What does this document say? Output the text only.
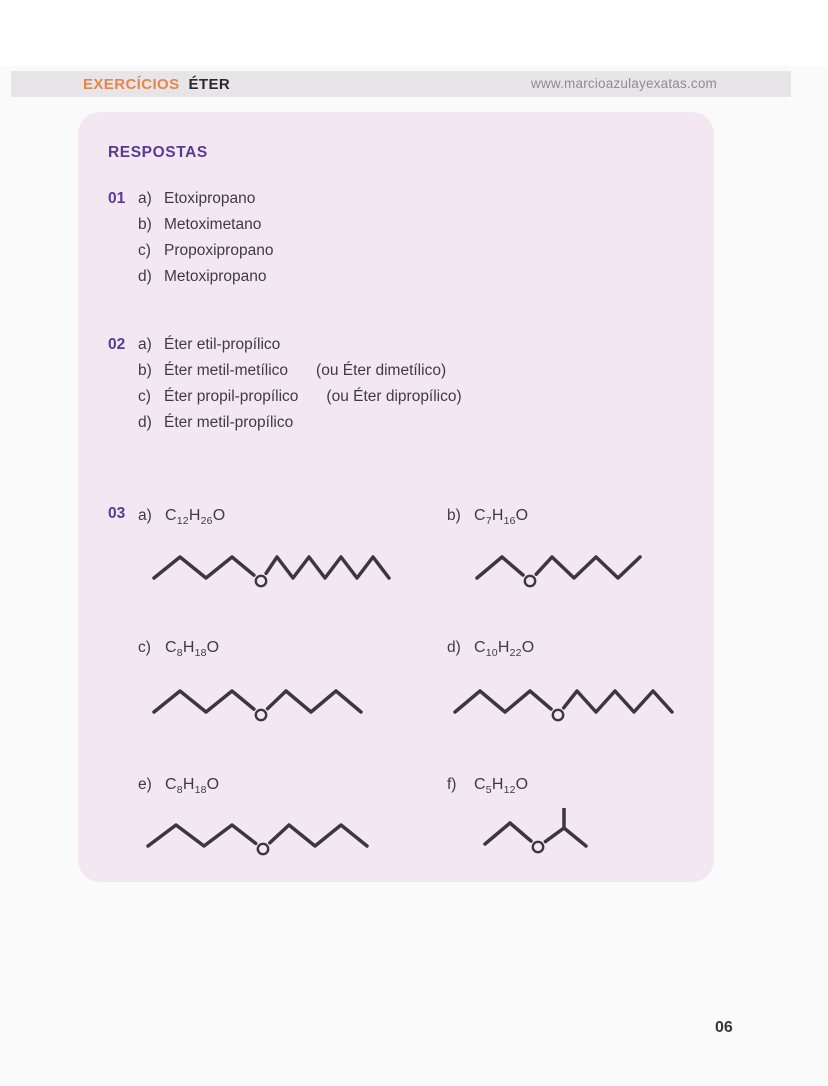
EXERCÍCIOS ÉTER	www.marcioazulayexatas.com
RESPOSTAS
01 a) Etoxipropano
b) Metoximetano
c) Propoxipropano
d) Metoxipropano
02 a) Éter etil-propílico
b) Éter metil-metílico (ou Éter dimetílico)
c) Éter propil-propílico (ou Éter dipropílico)
d) Éter metil-propílico
03 a) $C_{12}H_{26}O$	b) $C_7H_{16}O$
c) $C_8H_{18}O$	d) $C_{10}H_{22}O$
e) $C_8H_{18}O$	f)	$C_5H_{12}O$
06
